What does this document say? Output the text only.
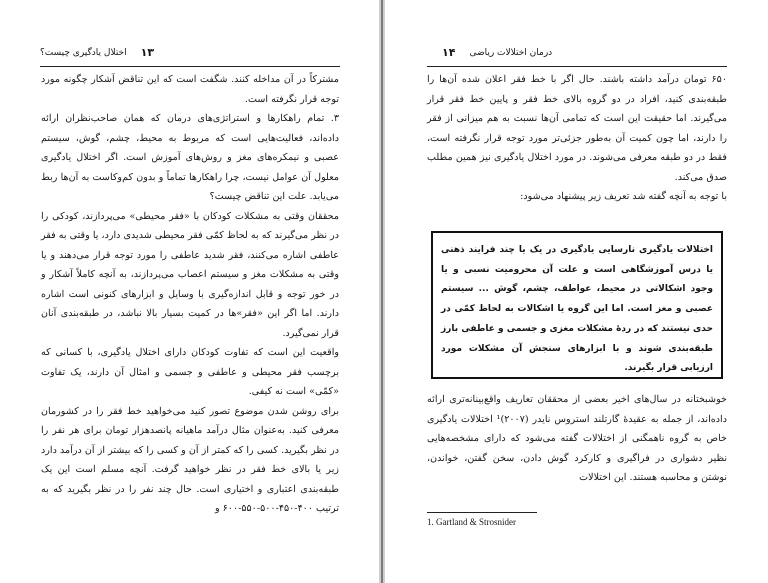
۱۳
اختلال یادگیری چیست؟

مشترکاً در آن مداخله کنند. شگفت است که این تناقض آشکار چگونه مورد توجه قرار نگرفته است.

۳. تمام راهکارها و استراتژی‌های درمان که همان صاحب‌نظران ارائه داده‌اند، فعالیت‌هایی است که مربوط به محیط، چشم، گوش، سیستم عصبی و نیمکره‌های مغز و روش‌های آموزش است. اگر اختلال یادگیری معلول آن عوامل نیست، چرا راهکارها تماماً و بدون کم‌وکاست به آن‌ها ربط می‌یابد. علت این تناقض چیست؟

محققان وقتی به مشکلات کودکان با «فقر محیطی» می‌پردازند، کودکی را در نظر می‌گیرند که به لحاظ کمّی فقر محیطی شدیدی دارد، یا وقتی به فقر عاطفی اشاره می‌کنند، فقر شدید عاطفی را مورد توجه قرار می‌دهند و یا وقتی به مشکلات مغز و سیستم اعصاب می‌پردازند، به آنچه کاملاً آشکار و در خور توجه و قابل اندازه‌گیری با وسایل و ابزارهای کنونی است اشاره دارند. اما اگر این «فقر»ها در کمیت بسیار بالا نباشد، در طبقه‌بندی آنان قرار نمی‌گیرد.

واقعیت این است که تفاوت کودکان دارای اختلال یادگیری، با کسانی که برچسب فقر محیطی و عاطفی و جسمی و امثال آن دارند، یک تفاوت «کمّی» است نه کیفی.

برای روشن شدن موضوع تصور کنید می‌خواهید خط فقر را در کشورمان معرفی کنید. به‌عنوان مثال درآمد ماهیانه پانصدهزار تومان برای هر نفر را در نظر بگیرید. کسی را که کمتر از آن و کسی را که بیشتر از آن درآمد دارد زیر یا بالای خط فقر در نظر خواهید گرفت. آنچه مسلم است این یک طبقه‌بندی اعتباری و اختیاری است. حال چند نفر را در نظر بگیرید که به ترتیب ۴۰۰-۴۵۰-۵۰۰-۵۵۰-۶۰۰ و

درمان اختلالات ریاضی
۱۴

۶۵۰ تومان درآمد داشته باشند. حال اگر با خط فقر اعلان شده آن‌ها را طبقه‌بندی کنید، افراد در دو گروه بالای خط فقر و پایین خط فقر قرار می‌گیرند. اما حقیقت این است که تمامی آن‌ها نسبت به هم میزانی از فقر را دارند، اما چون کمیت آن به‌طور جزئی‌تر مورد توجه قرار نگرفته است، فقط در دو طبقه معرفی می‌شوند. در مورد اختلال یادگیری نیز همین مطلب صدق می‌کند.

با توجه به آنچه گفته شد تعریف زیر پیشنهاد می‌شود:

اختلالات یادگیری نارسایی یادگیری در یک یا چند فرایند ذهنی یا درس آموزشگاهی است و علت آن محرومیت نسبی و یا وجود اشکالاتی در محیط، عواطف، چشم، گوش ... سیستم عصبی و مغز است. اما این گروه یا اشکالات به لحاظ کمّی در حدی نیستند که در ردهٔ مشکلات مغزی و جسمی و عاطفی بارز طبقه‌بندی شوند و با ابزارهای سنجش آن مشکلات مورد ارزیابی قرار بگیرند.

خوشبختانه در سال‌های اخیر بعضی از محققان تعاریف واقع‌بینانه‌تری ارائه داده‌اند، از جمله به عقیدهٔ گارتلند استروس نایدر (۲۰۰۷)¹ اختلالات یادگیری خاص به گروه ناهمگنی از اختلالات گفته می‌شود که دارای مشخصه‌هایی نظیر دشواری در فراگیری و کارکرد گوش دادن، سخن گفتن، خواندن، نوشتن و محاسبه هستند. این اختلالات

1. Gartland & Strosnider
